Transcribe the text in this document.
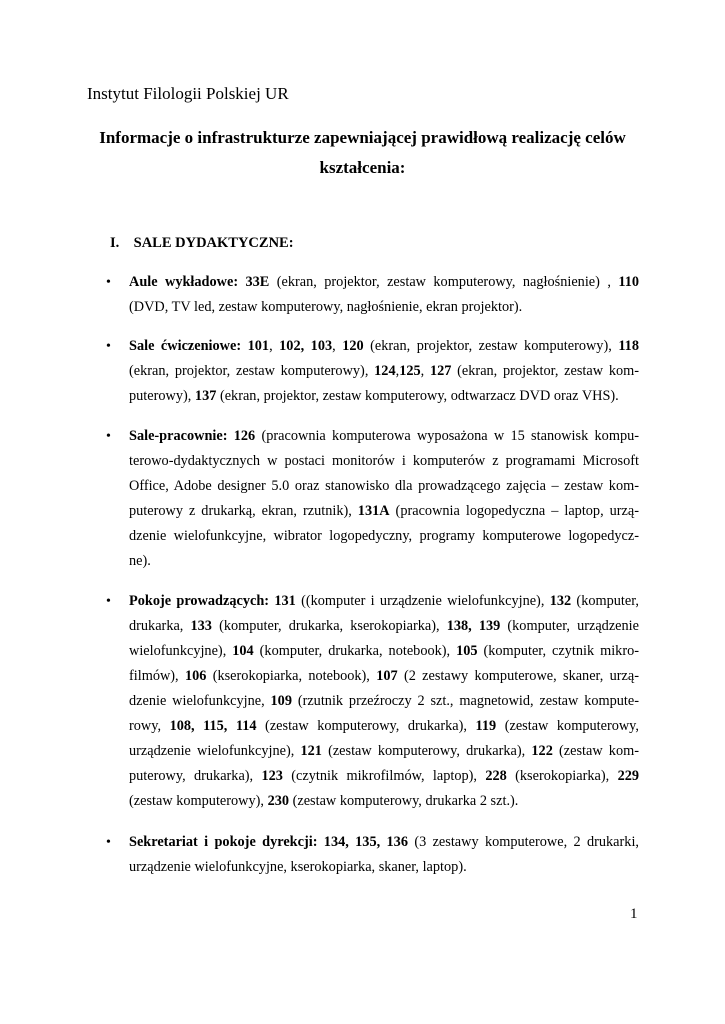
Instytut Filologii Polskiej UR
Informacje o infrastrukturze zapewniającej prawidłową realizację celów
kształcenia:
I. SALE DYDAKTYCZNE:
• Aule wykładowe: 33E (ekran, projektor, zestaw komputerowy, nagłośnienie) , 110
(DVD, TV led, zestaw komputerowy, nagłośnienie, ekran projektor).
• Sale ćwiczeniowe: 101, 102, 103, 120 (ekran, projektor, zestaw komputerowy), 118
(ekran, projektor, zestaw komputerowy), 124,125, 127 (ekran, projektor, zestaw kom-
puterowy), 137 (ekran, projektor, zestaw komputerowy, odtwarzacz DVD oraz VHS).
• Sale-pracownie: 126 (pracownia komputerowa wyposażona w 15 stanowisk kompu-
terowo-dydaktycznych w postaci monitorów i komputerów z programami Microsoft
Office, Adobe designer 5.0 oraz stanowisko dla prowadzącego zajęcia – zestaw kom-
puterowy z drukarką, ekran, rzutnik), 131A (pracownia logopedyczna – laptop, urzą-
dzenie wielofunkcyjne, wibrator logopedyczny, programy komputerowe logopedycz-
ne).
• Pokoje prowadzących: 131 ((komputer i urządzenie wielofunkcyjne), 132 (komputer,
drukarka, 133 (komputer, drukarka, kserokopiarka), 138, 139 (komputer, urządzenie
wielofunkcyjne), 104 (komputer, drukarka, notebook), 105 (komputer, czytnik mikro-
filmów), 106 (kserokopiarka, notebook), 107 (2 zestawy komputerowe, skaner, urzą-
dzenie wielofunkcyjne, 109 (rzutnik przeźroczy 2 szt., magnetowid, zestaw kompute-
rowy, 108, 115, 114 (zestaw komputerowy, drukarka), 119 (zestaw komputerowy,
urządzenie wielofunkcyjne), 121 (zestaw komputerowy, drukarka), 122 (zestaw kom-
puterowy, drukarka), 123 (czytnik mikrofilmów, laptop), 228 (kserokopiarka), 229
(zestaw komputerowy), 230 (zestaw komputerowy, drukarka 2 szt.).
• Sekretariat i pokoje dyrekcji: 134, 135, 136 (3 zestawy komputerowe, 2 drukarki,
urządzenie wielofunkcyjne, kserokopiarka, skaner, laptop).
1
